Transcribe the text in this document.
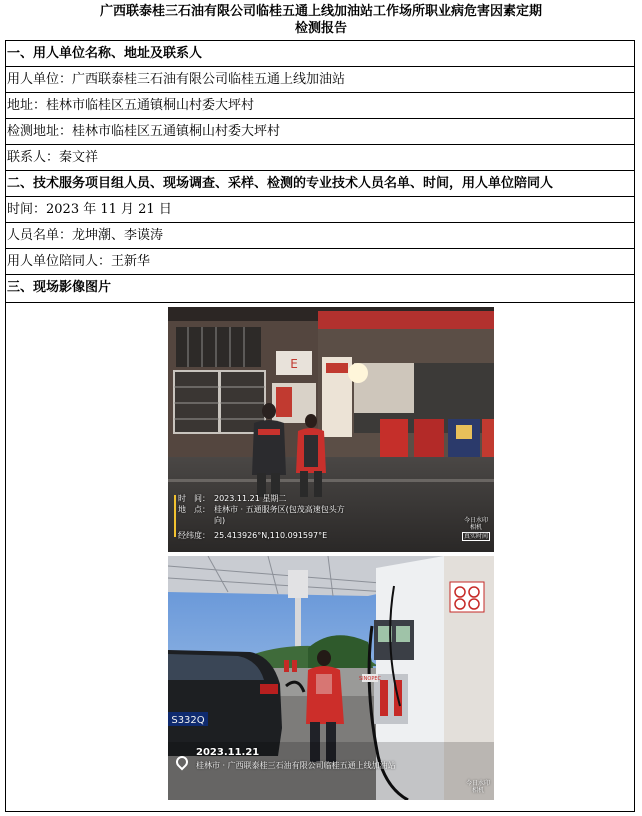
广西联泰桂三石油有限公司临桂五通上线加油站工作场所职业病危害因素定期
检测报告
一、用人单位名称、地址及联系人
用人单位：广西联泰桂三石油有限公司临桂五通上线加油站
地址：桂林市临桂区五通镇桐山村委大坪村
检测地址：桂林市临桂区五通镇桐山村委大坪村
联系人：秦文祥
二、技术服务项目组人员、现场调查、采样、检测的专业技术人员名单、时间，用人单位陪同人
时间：2023 年 11 月 21 日
人员名单：龙坤潮、李谟涛
用人单位陪同人：王新华
三、现场影像图片
E
时　间： 2023.11.21 星期二
地　点： 桂林市 · 五通服务区(包茂高速包头方向)
经纬度： 25.413926°N,110.091597°E
今日水印
相机
真实时间
S332Q
SINOPEC
2023.11.21
桂林市 · 广西联泰桂三石油有限公司临桂五通上线加油站
今日水印
相机
